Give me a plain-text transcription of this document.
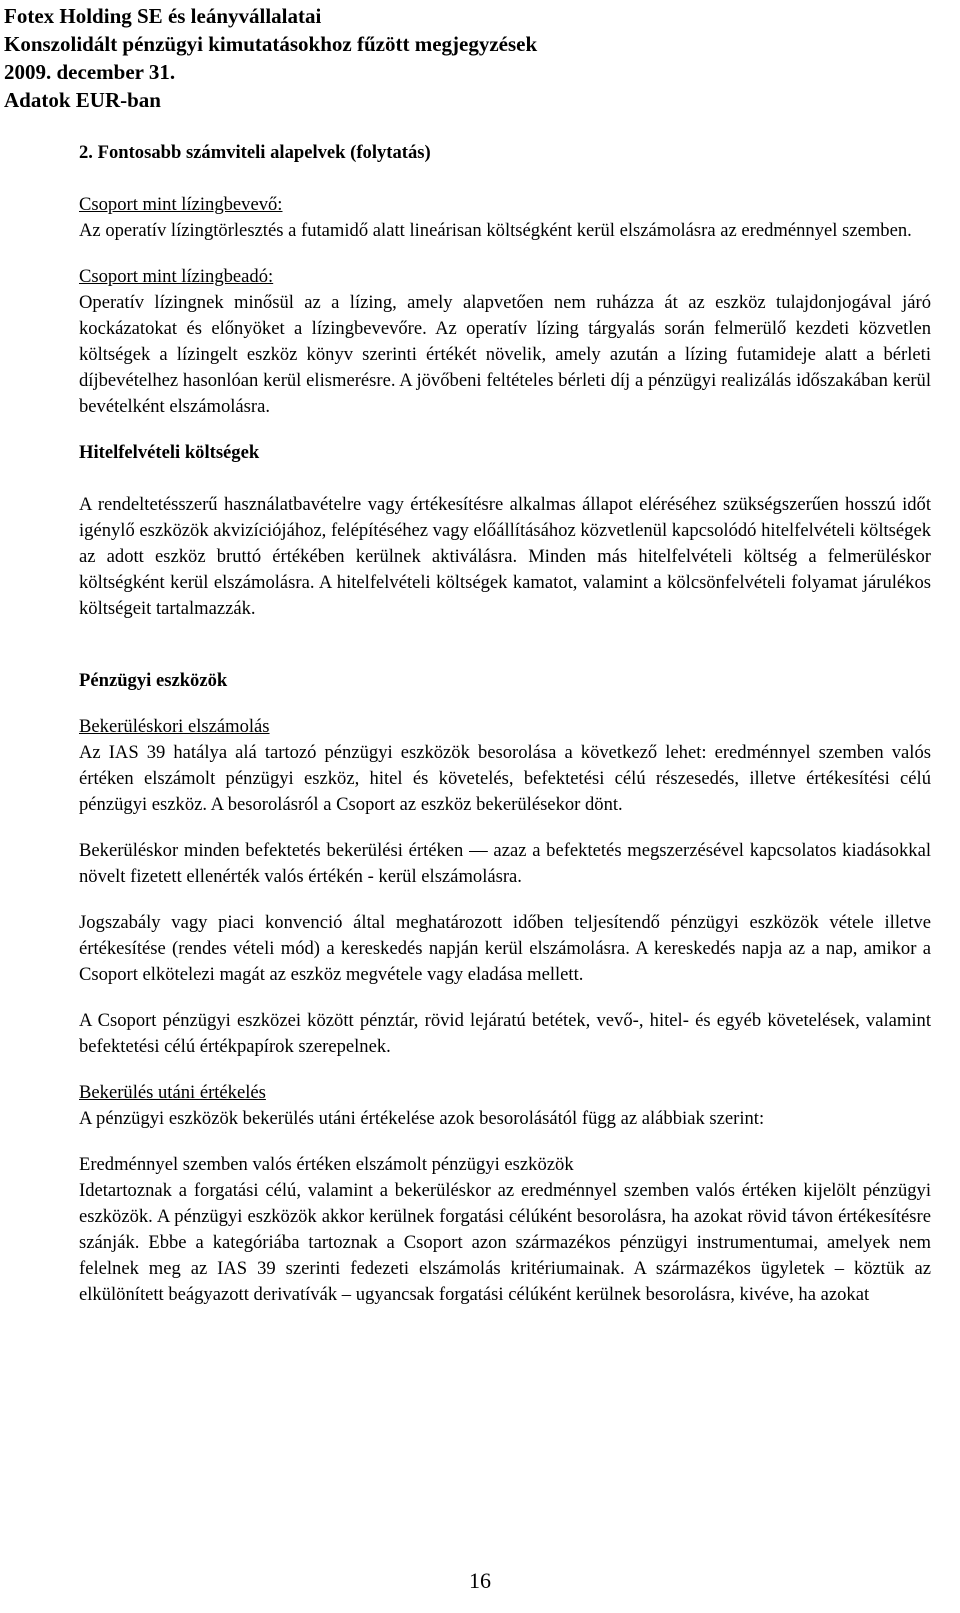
Fotex Holding SE és leányvállalatai
Konszolidált pénzügyi kimutatásokhoz fűzött megjegyzések
2009. december 31.
Adatok EUR-ban

2. Fontosabb számviteli alapelvek (folytatás)

Csoport mint lízingbevevő:

Az operatív lízingtörlesztés a futamidő alatt lineárisan költségként kerül elszámolásra az eredménnyel szemben.

Csoport mint lízingbeadó:

Operatív lízingnek minősül az a lízing, amely alapvetően nem ruházza át az eszköz tulajdonjogával járó kockázatokat és előnyöket a lízingbevevőre. Az operatív lízing tárgyalás során felmerülő kezdeti közvetlen költségek a lízingelt eszköz könyv szerinti értékét növelik, amely azután a lízing futamideje alatt a bérleti díjbevételhez hasonlóan kerül elismerésre. A jövőbeni feltételes bérleti díj a pénzügyi realizálás időszakában kerül bevételként elszámolásra.

Hitelfelvételi költségek

A rendeltetésszerű használatbavételre vagy értékesítésre alkalmas állapot eléréséhez szükségszerűen hosszú időt igénylő eszközök akvizíciójához, felépítéséhez vagy előállításához közvetlenül kapcsolódó hitelfelvételi költségek az adott eszköz bruttó értékében kerülnek aktiválásra. Minden más hitelfelvételi költség a felmerüléskor költségként kerül elszámolásra. A hitelfelvételi költségek kamatot, valamint a kölcsönfelvételi folyamat járulékos költségeit tartalmazzák.

Pénzügyi eszközök

Bekerüléskori elszámolás

Az IAS 39 hatálya alá tartozó pénzügyi eszközök besorolása a következő lehet: eredménnyel szemben valós értéken elszámolt pénzügyi eszköz, hitel és követelés, befektetési célú részesedés, illetve értékesítési célú pénzügyi eszköz. A besorolásról a Csoport az eszköz bekerülésekor dönt.

Bekerüléskor minden befektetés bekerülési értéken — azaz a befektetés megszerzésével kapcsolatos kiadásokkal növelt fizetett ellenérték valós értékén - kerül elszámolásra.

Jogszabály vagy piaci konvenció által meghatározott időben teljesítendő pénzügyi eszközök vétele illetve értékesítése (rendes vételi mód) a kereskedés napján kerül elszámolásra. A kereskedés napja az a nap, amikor a Csoport elkötelezi magát az eszköz megvétele vagy eladása mellett.

A Csoport pénzügyi eszközei között pénztár, rövid lejáratú betétek, vevő-, hitel- és egyéb követelések, valamint befektetési célú értékpapírok szerepelnek.

Bekerülés utáni értékelés

A pénzügyi eszközök bekerülés utáni értékelése azok besorolásától függ az alábbiak szerint:

Eredménnyel szemben valós értéken elszámolt pénzügyi eszközök

Idetartoznak a forgatási célú, valamint a bekerüléskor az eredménnyel szemben valós értéken kijelölt pénzügyi eszközök. A pénzügyi eszközök akkor kerülnek forgatási célúként besorolásra, ha azokat rövid távon értékesítésre szánják. Ebbe a kategóriába tartoznak a Csoport azon származékos pénzügyi instrumentumai, amelyek nem felelnek meg az IAS 39 szerinti fedezeti elszámolás kritériumainak. A származékos ügyletek – köztük az elkülönített beágyazott derivatívák – ugyancsak forgatási célúként kerülnek besorolásra, kivéve, ha azokat

16
